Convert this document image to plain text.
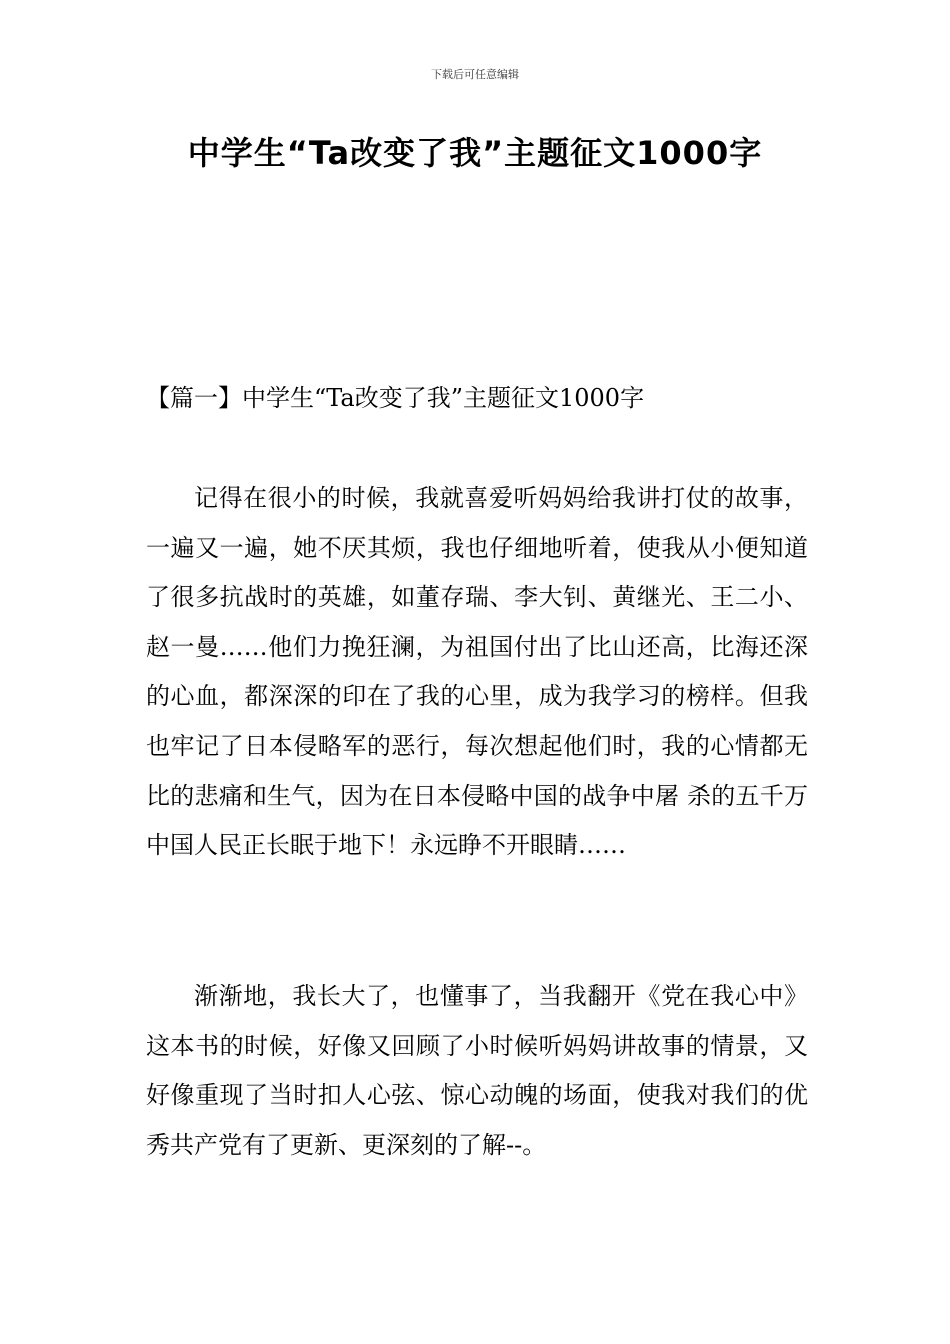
下载后可任意编辑
中学生“Ta改变了我”主题征文1000字
【篇一】中学生“Ta改变了我”主题征文1000字
记得在很小的时候，我就喜爱听妈妈给我讲打仗的故事，一遍又一遍，她不厌其烦，我也仔细地听着，使我从小便知道了很多抗战时的英雄，如董存瑞、李大钊、黄继光、王二小、赵一曼……他们力挽狂澜，为祖国付出了比山还高，比海还深的心血，都深深的印在了我的心里，成为我学习的榜样。但我也牢记了日本侵略军的恶行，每次想起他们时，我的心情都无比的悲痛和生气，因为在日本侵略中国的战争中屠 杀的五千万中国人民正长眠于地下！永远睁不开眼睛……
渐渐地，我长大了，也懂事了，当我翻开《党在我心中》这本书的时候，好像又回顾了小时候听妈妈讲故事的情景，又好像重现了当时扣人心弦、惊心动魄的场面，使我对我们的优秀共产党有了更新、更深刻的了解--。
